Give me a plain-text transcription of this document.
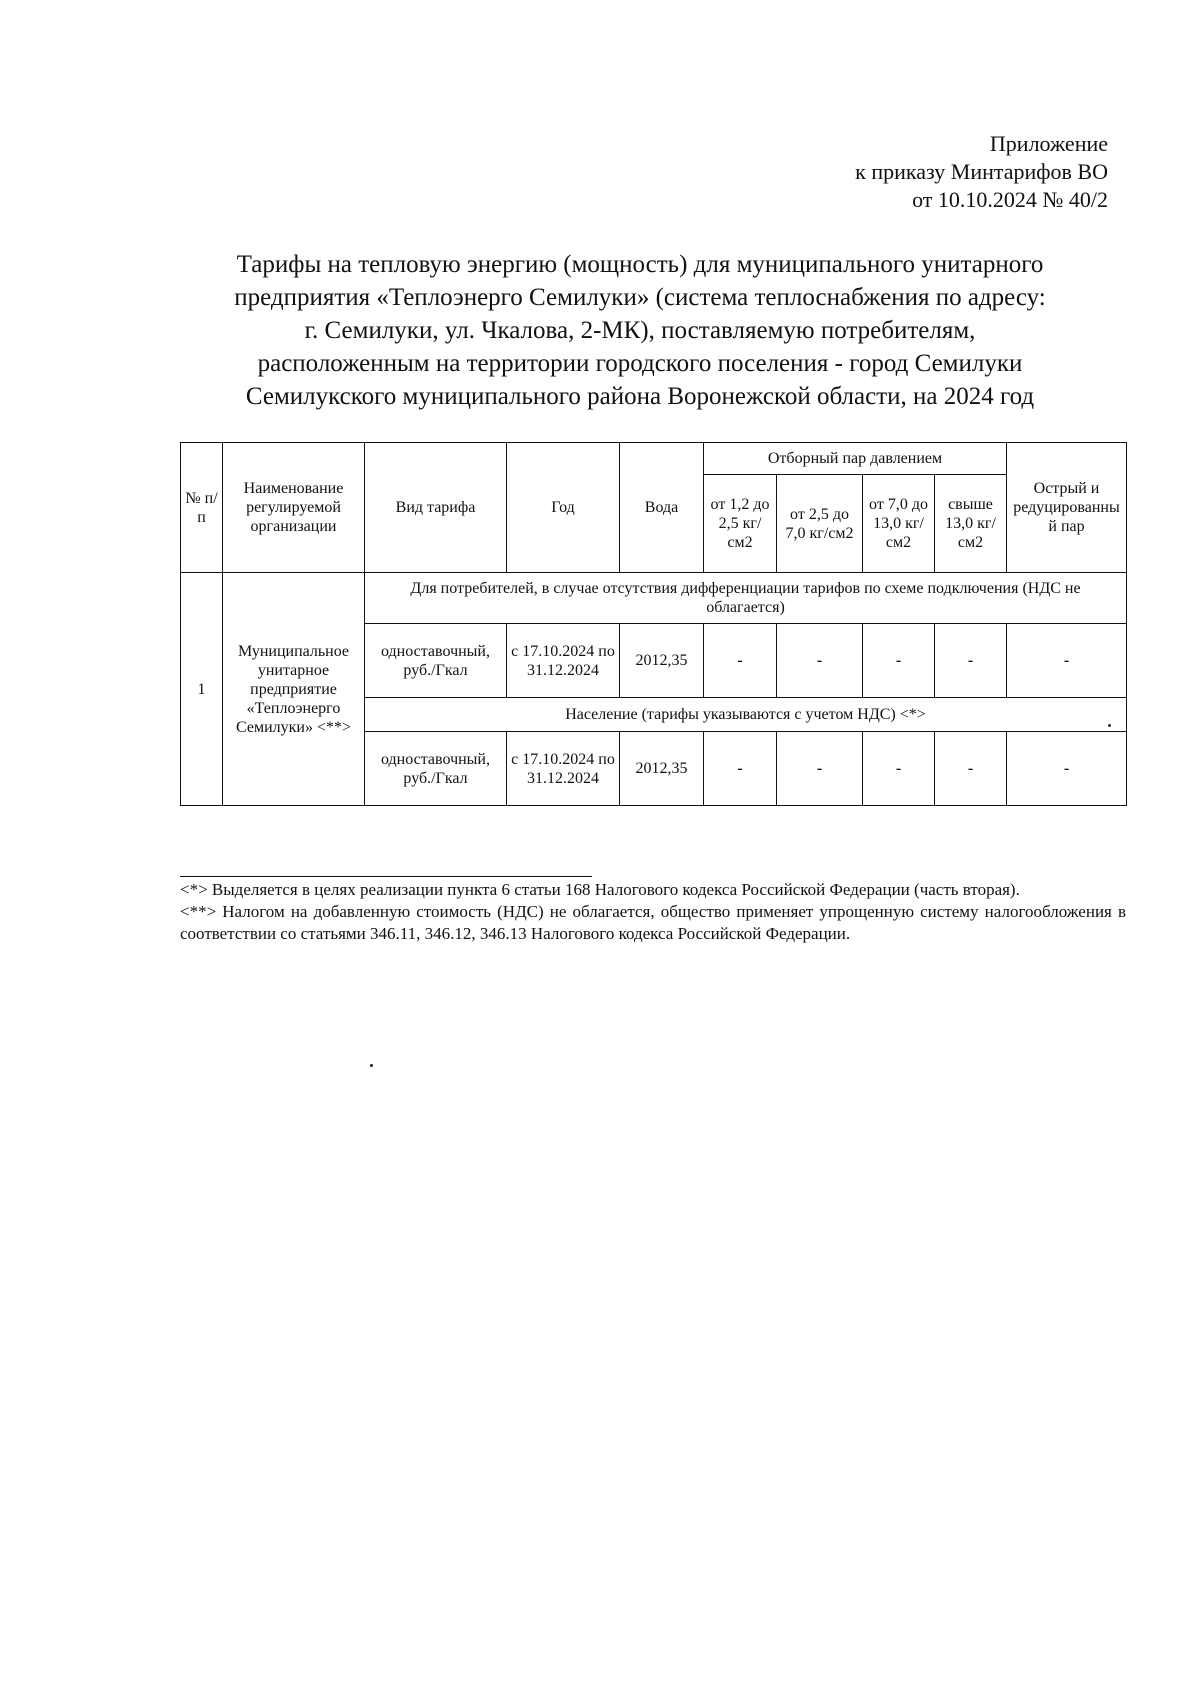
Приложение
к приказу Минтарифов ВО
от 10.10.2024 № 40/2
Тарифы на тепловую энергию (мощность) для муниципального унитарного
предприятия «Теплоэнерго Семилуки» (система теплоснабжения по адресу:
г. Семилуки, ул. Чкалова, 2-МК), поставляемую потребителям,
расположенным на территории городского поселения - город Семилуки
Семилукского муниципального района Воронежской области, на 2024 год
№ п/п	Наименование регулируемой организации	Вид тарифа	Год	Вода	Отборный пар давлением				Острый и редуцированный пар
					от 1,2 до 2,5 кг/см2	от 2,5 до 7,0 кг/см2	от 7,0 до 13,0 кг/см2	свыше 13,0 кг/см2	
1	Муниципальное унитарное предприятие «Теплоэнерго Семилуки» <**>	Для потребителей, в случае отсутствия дифференциации тарифов по схеме подключения (НДС не облагается)							
		одноставочный, руб./Гкал	с 17.10.2024 по 31.12.2024	2012,35	-	-	-	-	-
		Население (тарифы указываются с учетом НДС) <*>							
		одноставочный, руб./Гкал	с 17.10.2024 по 31.12.2024	2012,35	-	-	-	-	-

<*> Выделяется в целях реализации пункта 6 статьи 168 Налогового кодекса Российской Федерации (часть вторая).

<**> Налогом на добавленную стоимость (НДС) не облагается, общество применяет упрощенную систему налогообложения в соответствии со статьями 346.11, 346.12, 346.13 Налогового кодекса Российской Федерации.
